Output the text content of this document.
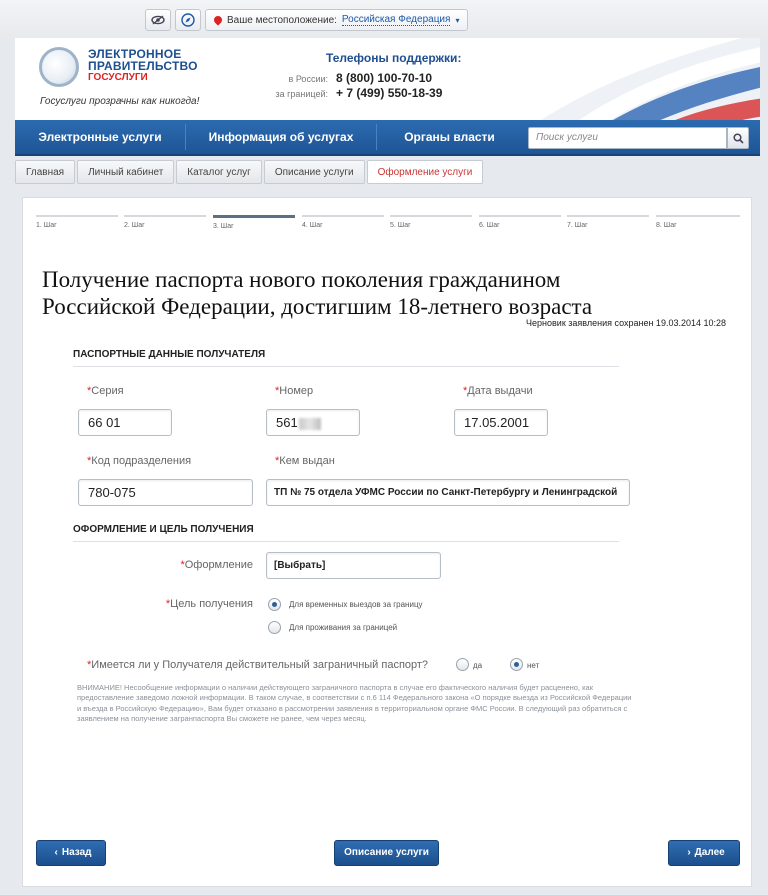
Ваше местоположение: Российская Федерация ▾
ЭЛЕКТРОННОЕ
ПРАВИТЕЛЬСТВО
ГОСУСЛУГИ
Госуслуги прозрачны как никогда!
Телефоны поддержки:
в России: 8 (800) 100-70-10
за границей: + 7 (499) 550-18-39
Электронные услуги	Информация об услугах	Органы власти	Поиск услуги
Главная	Личный кабинет	Каталог услуг	Описание услуги	Оформление услуги
1. Шаг	2. Шаг	3. Шаг	4. Шаг	5. Шаг	6. Шаг	7. Шаг	8. Шаг
Получение паспорта нового поколения гражданином
Российской Федерации, достигшим 18-летнего возраста
Черновик заявления сохранен 19.03.2014 10:28
ПАСПОРТНЫЕ ДАННЫЕ ПОЛУЧАТЕЛЯ
*Серия
66 01
*Номер
561
*Дата выдачи
17.05.2001
*Код подразделения
780-075
*Кем выдан
ТП № 75 отдела УФМС России по Санкт-Петербургу и Ленинградской
ОФОРМЛЕНИЕ И ЦЕЛЬ ПОЛУЧЕНИЯ
*Оформление	[Выбрать]
*Цель получения	Для временных выездов за границу
Для проживания за границей
*Имеется ли у Получателя действительный заграничный паспорт?	да	нет
ВНИМАНИЕ! Несообщение информации о наличии действующего заграничного паспорта в случае его фактического наличия будет расценено, как предоставление заведомо ложной информации. В таком случае, в соответствии с п.6 114 Федерального закона «О порядке выезда из Российской Федерации и въезда в Российскую Федерацию», Вам будет отказано в рассмотрении заявления в территориальном органе ФМС России. В следующий раз обратиться с заявлением на получение загранпаспорта Вы сможете не ранее, чем через месяц.
‹ Назад	Описание услуги	› Далее
